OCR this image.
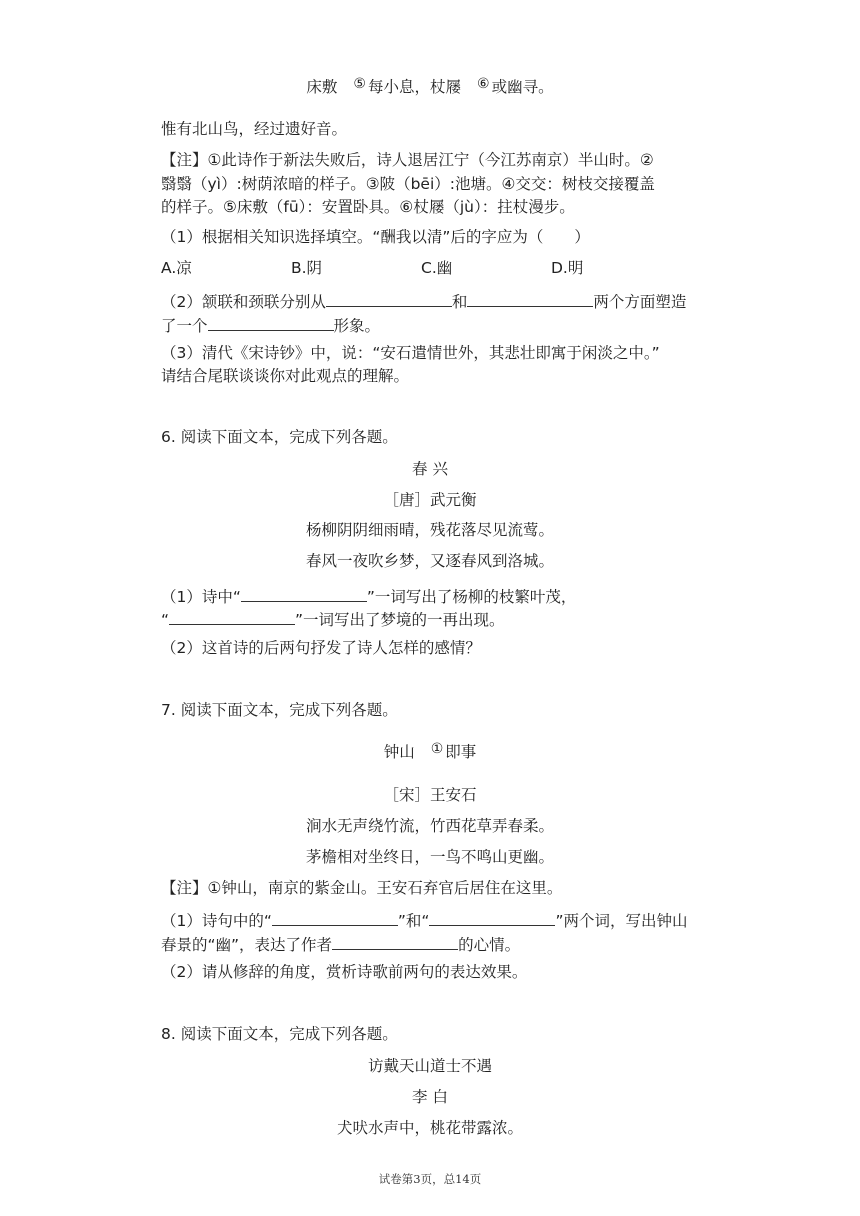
床敷 ⑤ 每小息，杖屦 ⑥ 或幽寻。
惟有北山鸟，经过遗好音。
【注】①此诗作于新法失败后，诗人退居江宁（今江苏南京）半山时。②
翳翳（yì）:树荫浓暗的样子。③陂（bēi）:池塘。④交交：树枝交接覆盖
的样子。⑤床敷（fū）：安置卧具。⑥杖屦（jù）：拄杖漫步。
（1）根据相关知识选择填空。“酬我以清”后的字应为（　　）
A.凉	B.阴	C.幽	D.明
（2）颔联和颈联分别从	和	两个方面塑造
了一个	形象。
（3）清代《宋诗钞》中，说：“安石遣情世外，其悲壮即寓于闲淡之中。”
请结合尾联谈谈你对此观点的理解。
6. 阅读下面文本，完成下列各题。
春 兴
［唐］武元衡
杨柳阴阴细雨晴，残花落尽见流莺。
春风一夜吹乡梦，又逐春风到洛城。
（1）诗中“	”一词写出了杨柳的枝繁叶茂，
“	”一词写出了梦境的一再出现。
（2）这首诗的后两句抒发了诗人怎样的感情？
7. 阅读下面文本，完成下列各题。
钟山 ① 即事
［宋］王安石
涧水无声绕竹流，竹西花草弄春柔。
茅檐相对坐终日，一鸟不鸣山更幽。
【注】①钟山，南京的紫金山。王安石弃官后居住在这里。
（1）诗句中的“	”和“	”两个词，写出钟山
春景的“幽”，表达了作者	的心情。
（2）请从修辞的角度，赏析诗歌前两句的表达效果。
8. 阅读下面文本，完成下列各题。
访戴天山道士不遇
李 白
犬吠水声中，桃花带露浓。
试卷第3页，总14页
